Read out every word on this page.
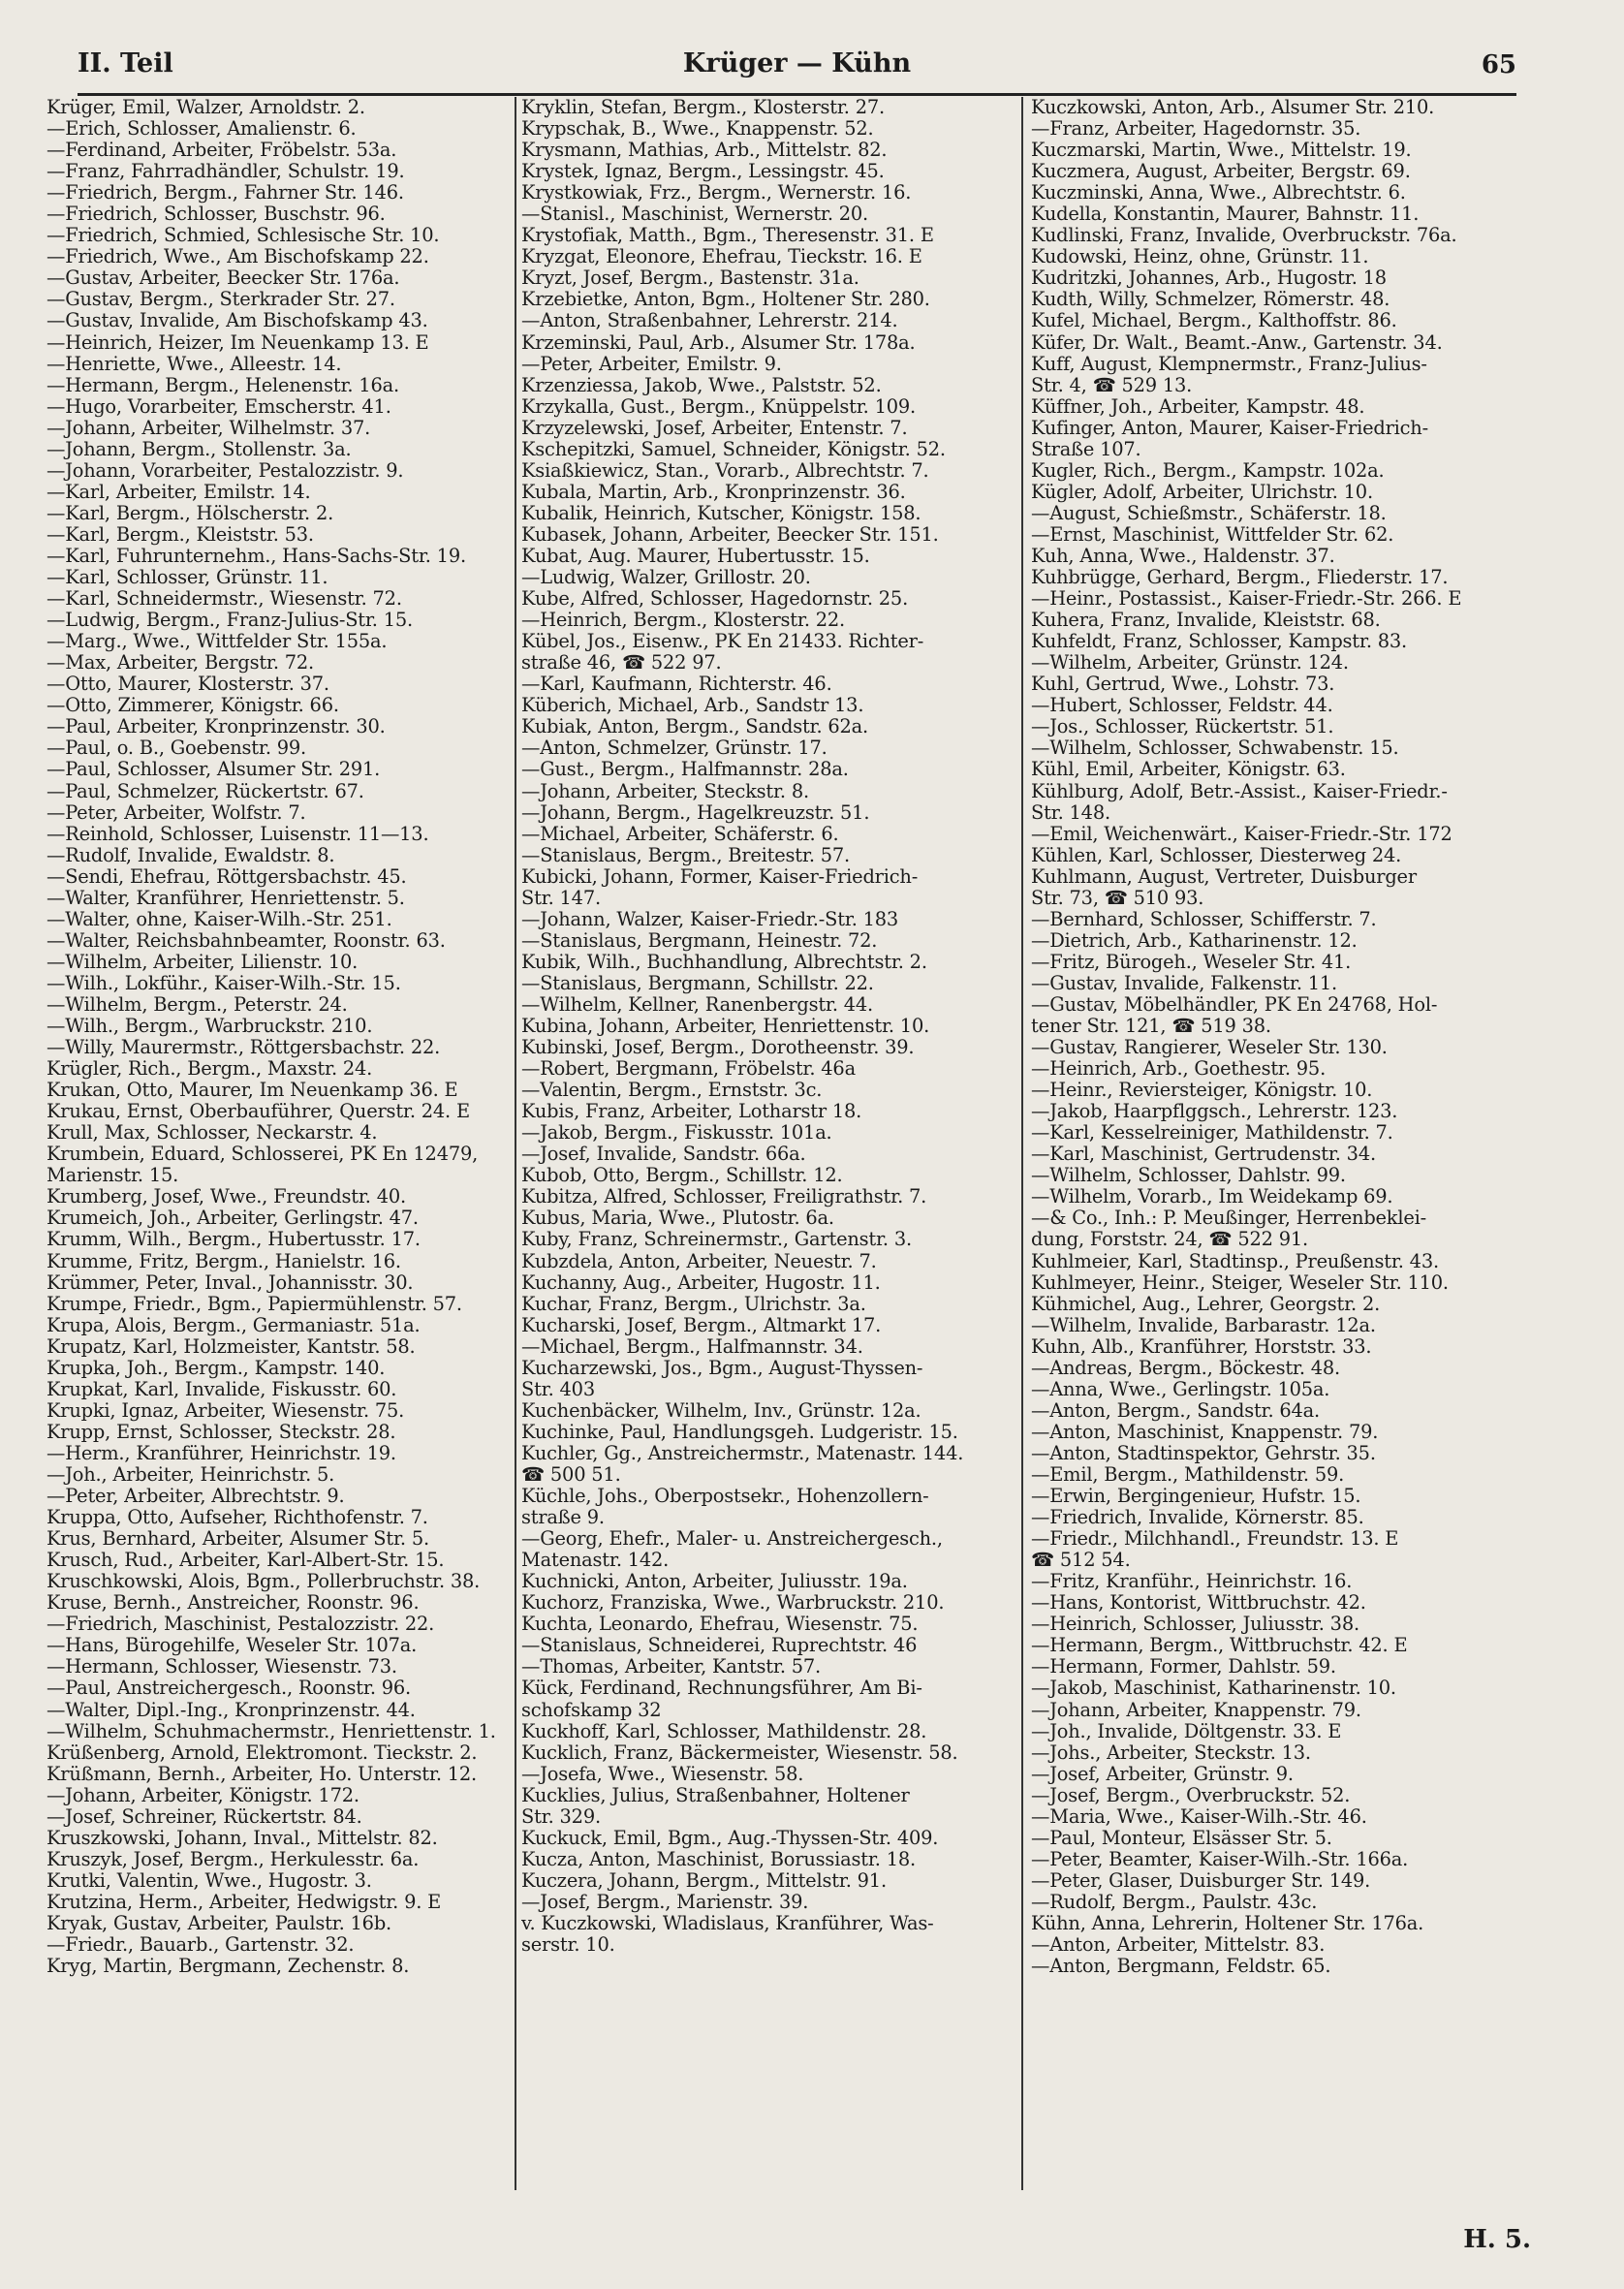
II. Teil	Krüger — Kühn	65
Krüger, Emil, Walzer, Arnoldstr. 2.
—Erich, Schlosser, Amalienstr. 6.
—Ferdinand, Arbeiter, Fröbelstr. 53a.
—Franz, Fahrradhändler, Schulstr. 19.
—Friedrich, Bergm., Fahrner Str. 146.
—Friedrich, Schlosser, Buschstr. 96.
—Friedrich, Schmied, Schlesische Str. 10.
—Friedrich, Wwe., Am Bischofskamp 22.
—Gustav, Arbeiter, Beecker Str. 176a.
—Gustav, Bergm., Sterkrader Str. 27.
—Gustav, Invalide, Am Bischofskamp 43.
—Heinrich, Heizer, Im Neuenkamp 13. E
—Henriette, Wwe., Alleestr. 14.
—Hermann, Bergm., Helenenstr. 16a.
—Hugo, Vorarbeiter, Emscherstr. 41.
—Johann, Arbeiter, Wilhelmstr. 37.
—Johann, Bergm., Stollenstr. 3a.
—Johann, Vorarbeiter, Pestalozzistr. 9.
—Karl, Arbeiter, Emilstr. 14.
—Karl, Bergm., Hölscherstr. 2.
—Karl, Bergm., Kleiststr. 53.
—Karl, Fuhrunternehm., Hans-Sachs-Str. 19.
—Karl, Schlosser, Grünstr. 11.
—Karl, Schneidermstr., Wiesenstr. 72.
—Ludwig, Bergm., Franz-Julius-Str. 15.
—Marg., Wwe., Wittfelder Str. 155a.
—Max, Arbeiter, Bergstr. 72.
—Otto, Maurer, Klosterstr. 37.
—Otto, Zimmerer, Königstr. 66.
—Paul, Arbeiter, Kronprinzenstr. 30.
—Paul, o. B., Goebenstr. 99.
—Paul, Schlosser, Alsumer Str. 291.
—Paul, Schmelzer, Rückertstr. 67.
—Peter, Arbeiter, Wolfstr. 7.
—Reinhold, Schlosser, Luisenstr. 11—13.
—Rudolf, Invalide, Ewaldstr. 8.
—Sendi, Ehefrau, Röttgersbachstr. 45.
—Walter, Kranführer, Henriettenstr. 5.
—Walter, ohne, Kaiser-Wilh.-Str. 251.
—Walter, Reichsbahnbeamter, Roonstr. 63.
—Wilhelm, Arbeiter, Lilienstr. 10.
—Wilh., Lokführ., Kaiser-Wilh.-Str. 15.
—Wilhelm, Bergm., Peterstr. 24.
—Wilh., Bergm., Warbruckstr. 210.
—Willy, Maurermstr., Röttgersbachstr. 22.
Krügler, Rich., Bergm., Maxstr. 24.
Krukan, Otto, Maurer, Im Neuenkamp 36. E
Krukau, Ernst, Oberbauführer, Querstr. 24. E
Krull, Max, Schlosser, Neckarstr. 4.
Krumbein, Eduard, Schlosserei, PK En 12479,
Marienstr. 15.
Krumberg, Josef, Wwe., Freundstr. 40.
Krumeich, Joh., Arbeiter, Gerlingstr. 47.
Krumm, Wilh., Bergm., Hubertusstr. 17.
Krumme, Fritz, Bergm., Hanielstr. 16.
Krümmer, Peter, Inval., Johannisstr. 30.
Krumpe, Friedr., Bgm., Papiermühlenstr. 57.
Krupa, Alois, Bergm., Germaniastr. 51a.
Krupatz, Karl, Holzmeister, Kantstr. 58.
Krupka, Joh., Bergm., Kampstr. 140.
Krupkat, Karl, Invalide, Fiskusstr. 60.
Krupki, Ignaz, Arbeiter, Wiesenstr. 75.
Krupp, Ernst, Schlosser, Steckstr. 28.
—Herm., Kranführer, Heinrichstr. 19.
—Joh., Arbeiter, Heinrichstr. 5.
—Peter, Arbeiter, Albrechtstr. 9.
Kruppa, Otto, Aufseher, Richthofenstr. 7.
Krus, Bernhard, Arbeiter, Alsumer Str. 5.
Krusch, Rud., Arbeiter, Karl-Albert-Str. 15.
Kruschkowski, Alois, Bgm., Pollerbruchstr. 38.
Kruse, Bernh., Anstreicher, Roonstr. 96.
—Friedrich, Maschinist, Pestalozzistr. 22.
—Hans, Bürogehilfe, Weseler Str. 107a.
—Hermann, Schlosser, Wiesenstr. 73.
—Paul, Anstreichergesch., Roonstr. 96.
—Walter, Dipl.-Ing., Kronprinzenstr. 44.
—Wilhelm, Schuhmachermstr., Henriettenstr. 1.
Krüßenberg, Arnold, Elektromont. Tieckstr. 2.
Krüßmann, Bernh., Arbeiter, Ho. Unterstr. 12.
—Johann, Arbeiter, Königstr. 172.
—Josef, Schreiner, Rückertstr. 84.
Kruszkowski, Johann, Inval., Mittelstr. 82.
Kruszyk, Josef, Bergm., Herkulesstr. 6a.
Krutki, Valentin, Wwe., Hugostr. 3.
Krutzina, Herm., Arbeiter, Hedwigstr. 9. E
Kryak, Gustav, Arbeiter, Paulstr. 16b.
—Friedr., Bauarb., Gartenstr. 32.
Kryg, Martin, Bergmann, Zechenstr. 8.
Kryklin, Stefan, Bergm., Klosterstr. 27.
Krypschak, B., Wwe., Knappenstr. 52.
Krysmann, Mathias, Arb., Mittelstr. 82.
Krystek, Ignaz, Bergm., Lessingstr. 45.
Krystkowiak, Frz., Bergm., Wernerstr. 16.
—Stanisl., Maschinist, Wernerstr. 20.
Krystofiak, Matth., Bgm., Theresenstr. 31. E
Kryzgat, Eleonore, Ehefrau, Tieckstr. 16. E
Kryzt, Josef, Bergm., Bastenstr. 31a.
Krzebietke, Anton, Bgm., Holtener Str. 280.
—Anton, Straßenbahner, Lehrerstr. 214.
Krzeminski, Paul, Arb., Alsumer Str. 178a.
—Peter, Arbeiter, Emilstr. 9.
Krzenziessa, Jakob, Wwe., Palststr. 52.
Krzykalla, Gust., Bergm., Knüppelstr. 109.
Krzyzelewski, Josef, Arbeiter, Entenstr. 7.
Kschepitzki, Samuel, Schneider, Königstr. 52.
Ksiaßkiewicz, Stan., Vorarb., Albrechtstr. 7.
Kubala, Martin, Arb., Kronprinzenstr. 36.
Kubalik, Heinrich, Kutscher, Königstr. 158.
Kubasek, Johann, Arbeiter, Beecker Str. 151.
Kubat, Aug. Maurer, Hubertusstr. 15.
—Ludwig, Walzer, Grillostr. 20.
Kube, Alfred, Schlosser, Hagedornstr. 25.
—Heinrich, Bergm., Klosterstr. 22.
Kübel, Jos., Eisenw., PK En 21433. Richter-
straße 46, ☎ 522 97.
—Karl, Kaufmann, Richterstr. 46.
Küberich, Michael, Arb., Sandstr 13.
Kubiak, Anton, Bergm., Sandstr. 62a.
—Anton, Schmelzer, Grünstr. 17.
—Gust., Bergm., Halfmannstr. 28a.
—Johann, Arbeiter, Steckstr. 8.
—Johann, Bergm., Hagelkreuzstr. 51.
—Michael, Arbeiter, Schäferstr. 6.
—Stanislaus, Bergm., Breitestr. 57.
Kubicki, Johann, Former, Kaiser-Friedrich-
Str. 147.
—Johann, Walzer, Kaiser-Friedr.-Str. 183
—Stanislaus, Bergmann, Heinestr. 72.
Kubik, Wilh., Buchhandlung, Albrechtstr. 2.
—Stanislaus, Bergmann, Schillstr. 22.
—Wilhelm, Kellner, Ranenbergstr. 44.
Kubina, Johann, Arbeiter, Henriettenstr. 10.
Kubinski, Josef, Bergm., Dorotheenstr. 39.
—Robert, Bergmann, Fröbelstr. 46a
—Valentin, Bergm., Ernststr. 3c.
Kubis, Franz, Arbeiter, Lotharstr 18.
—Jakob, Bergm., Fiskusstr. 101a.
—Josef, Invalide, Sandstr. 66a.
Kubob, Otto, Bergm., Schillstr. 12.
Kubitza, Alfred, Schlosser, Freiligrathstr. 7.
Kubus, Maria, Wwe., Plutostr. 6a.
Kuby, Franz, Schreinermstr., Gartenstr. 3.
Kubzdela, Anton, Arbeiter, Neuestr. 7.
Kuchanny, Aug., Arbeiter, Hugostr. 11.
Kuchar, Franz, Bergm., Ulrichstr. 3a.
Kucharski, Josef, Bergm., Altmarkt 17.
—Michael, Bergm., Halfmannstr. 34.
Kucharzewski, Jos., Bgm., August-Thyssen-
Str. 403
Kuchenbäcker, Wilhelm, Inv., Grünstr. 12a.
Kuchinke, Paul, Handlungsgeh. Ludgeristr. 15.
Kuchler, Gg., Anstreichermstr., Matenastr. 144.
☎ 500 51.
Küchle, Johs., Oberpostsekr., Hohenzollern-
straße 9.
—Georg, Ehefr., Maler- u. Anstreichergesch.,
Matenastr. 142.
Kuchnicki, Anton, Arbeiter, Juliusstr. 19a.
Kuchorz, Franziska, Wwe., Warbruckstr. 210.
Kuchta, Leonardo, Ehefrau, Wiesenstr. 75.
—Stanislaus, Schneiderei, Ruprechtstr. 46
—Thomas, Arbeiter, Kantstr. 57.
Kück, Ferdinand, Rechnungsführer, Am Bi-
schofskamp 32
Kuckhoff, Karl, Schlosser, Mathildenstr. 28.
Kucklich, Franz, Bäckermeister, Wiesenstr. 58.
—Josefa, Wwe., Wiesenstr. 58.
Kucklies, Julius, Straßenbahner, Holtener
Str. 329.
Kuckuck, Emil, Bgm., Aug.-Thyssen-Str. 409.
Kucza, Anton, Maschinist, Borussiastr. 18.
Kuczera, Johann, Bergm., Mittelstr. 91.
—Josef, Bergm., Marienstr. 39.
v. Kuczkowski, Wladislaus, Kranführer, Was-
serstr. 10.
Kuczkowski, Anton, Arb., Alsumer Str. 210.
—Franz, Arbeiter, Hagedornstr. 35.
Kuczmarski, Martin, Wwe., Mittelstr. 19.
Kuczmera, August, Arbeiter, Bergstr. 69.
Kuczminski, Anna, Wwe., Albrechtstr. 6.
Kudella, Konstantin, Maurer, Bahnstr. 11.
Kudlinski, Franz, Invalide, Overbruckstr. 76a.
Kudowski, Heinz, ohne, Grünstr. 11.
Kudritzki, Johannes, Arb., Hugostr. 18
Kudth, Willy, Schmelzer, Römerstr. 48.
Kufel, Michael, Bergm., Kalthoffstr. 86.
Küfer, Dr. Walt., Beamt.-Anw., Gartenstr. 34.
Kuff, August, Klempnermstr., Franz-Julius-
Str. 4, ☎ 529 13.
Küffner, Joh., Arbeiter, Kampstr. 48.
Kufinger, Anton, Maurer, Kaiser-Friedrich-
Straße 107.
Kugler, Rich., Bergm., Kampstr. 102a.
Kügler, Adolf, Arbeiter, Ulrichstr. 10.
—August, Schießmstr., Schäferstr. 18.
—Ernst, Maschinist, Wittfelder Str. 62.
Kuh, Anna, Wwe., Haldenstr. 37.
Kuhbrügge, Gerhard, Bergm., Fliederstr. 17.
—Heinr., Postassist., Kaiser-Friedr.-Str. 266. E
Kuhera, Franz, Invalide, Kleiststr. 68.
Kuhfeldt, Franz, Schlosser, Kampstr. 83.
—Wilhelm, Arbeiter, Grünstr. 124.
Kuhl, Gertrud, Wwe., Lohstr. 73.
—Hubert, Schlosser, Feldstr. 44.
—Jos., Schlosser, Rückertstr. 51.
—Wilhelm, Schlosser, Schwabenstr. 15.
Kühl, Emil, Arbeiter, Königstr. 63.
Kühlburg, Adolf, Betr.-Assist., Kaiser-Friedr.-
Str. 148.
—Emil, Weichenwärt., Kaiser-Friedr.-Str. 172
Kühlen, Karl, Schlosser, Diesterweg 24.
Kuhlmann, August, Vertreter, Duisburger
Str. 73, ☎ 510 93.
—Bernhard, Schlosser, Schifferstr. 7.
—Dietrich, Arb., Katharinenstr. 12.
—Fritz, Bürogeh., Weseler Str. 41.
—Gustav, Invalide, Falkenstr. 11.
—Gustav, Möbelhändler, PK En 24768, Hol-
tener Str. 121, ☎ 519 38.
—Gustav, Rangierer, Weseler Str. 130.
—Heinrich, Arb., Goethestr. 95.
—Heinr., Reviersteiger, Königstr. 10.
—Jakob, Haarpflggsch., Lehrerstr. 123.
—Karl, Kesselreiniger, Mathildenstr. 7.
—Karl, Maschinist, Gertrudenstr. 34.
—Wilhelm, Schlosser, Dahlstr. 99.
—Wilhelm, Vorarb., Im Weidekamp 69.
—& Co., Inh.: P. Meußinger, Herrenbeklei-
dung, Forststr. 24, ☎ 522 91.
Kuhlmeier, Karl, Stadtinsp., Preußenstr. 43.
Kuhlmeyer, Heinr., Steiger, Weseler Str. 110.
Kühmichel, Aug., Lehrer, Georgstr. 2.
—Wilhelm, Invalide, Barbarastr. 12a.
Kuhn, Alb., Kranführer, Horststr. 33.
—Andreas, Bergm., Böckestr. 48.
—Anna, Wwe., Gerlingstr. 105a.
—Anton, Bergm., Sandstr. 64a.
—Anton, Maschinist, Knappenstr. 79.
—Anton, Stadtinspektor, Gehrstr. 35.
—Emil, Bergm., Mathildenstr. 59.
—Erwin, Bergingenieur, Hufstr. 15.
—Friedrich, Invalide, Körnerstr. 85.
—Friedr., Milchhandl., Freundstr. 13. E
☎ 512 54.
—Fritz, Kranführ., Heinrichstr. 16.
—Hans, Kontorist, Wittbruchstr. 42.
—Heinrich, Schlosser, Juliusstr. 38.
—Hermann, Bergm., Wittbruchstr. 42. E
—Hermann, Former, Dahlstr. 59.
—Jakob, Maschinist, Katharinenstr. 10.
—Johann, Arbeiter, Knappenstr. 79.
—Joh., Invalide, Döltgenstr. 33. E
—Johs., Arbeiter, Steckstr. 13.
—Josef, Arbeiter, Grünstr. 9.
—Josef, Bergm., Overbruckstr. 52.
—Maria, Wwe., Kaiser-Wilh.-Str. 46.
—Paul, Monteur, Elsässer Str. 5.
—Peter, Beamter, Kaiser-Wilh.-Str. 166a.
—Peter, Glaser, Duisburger Str. 149.
—Rudolf, Bergm., Paulstr. 43c.
Kühn, Anna, Lehrerin, Holtener Str. 176a.
—Anton, Arbeiter, Mittelstr. 83.
—Anton, Bergmann, Feldstr. 65.
H. 5.
